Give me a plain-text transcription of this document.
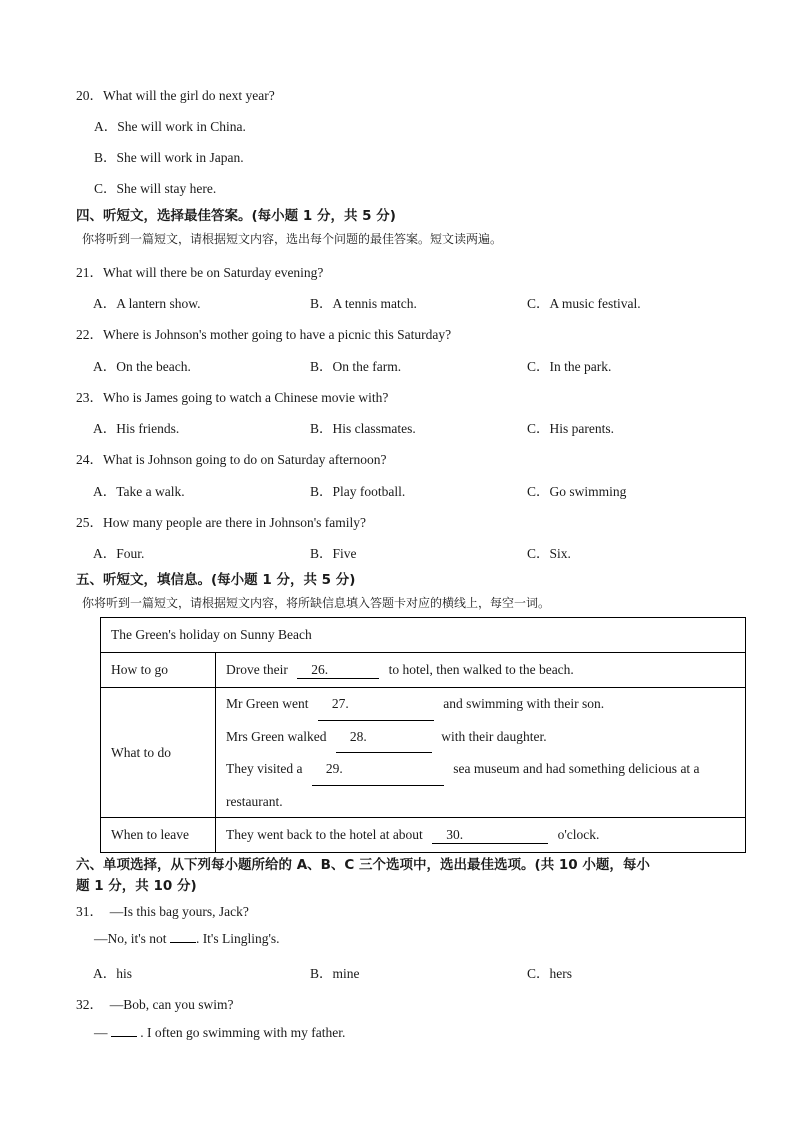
20．What will the girl do next year?
A．She will work in China.
B．She will work in Japan.
C．She will stay here.
四、听短文，选择最佳答案。(每小题 1 分，共 5 分)
你将听到一篇短文，请根据短文内容，选出每个问题的最佳答案。短文读两遍。
21．What will there be on Saturday evening?
A．A lantern show.	B．A tennis match.	C．A music festival.
22．Where is Johnson's mother going to have a picnic this Saturday?
A．On the beach.	B．On the farm.	C．In the park.
23．Who is James going to watch a Chinese movie with?
A．His friends.	B．His classmates.	C．His parents.
24．What is Johnson going to do on Saturday afternoon?
A．Take a walk.	B．Play football.	C．Go swimming
25．How many people are there in Johnson's family?
A．Four.	B．Five	C．Six.
五、听短文，填信息。(每小题 1 分，共 5 分)
你将听到一篇短文，请根据短文内容，将所缺信息填入答题卡对应的横线上，每空一词。
The Green's holiday on Sunny Beach	
How to go	Drove their 26. to hotel, then walked to the beach.
What to do	Mr Green went 27. and swimming with their son.
Mrs Green walked 28. with their daughter.
They visited a 29. sea museum and had something delicious at a
restaurant.

When to leave	They went back to the hotel at about 30. o'clock.
六、单项选择，从下列每小题所给的 A、B、C 三个选项中，选出最佳选项。(共 10 小题，每小
题 1 分，共 10 分)
31．　—Is this bag yours, Jack?
—No, it's not . It's Lingling's.
A．his	B．mine	C．hers
32．　—Bob, can you swim?
— . I often go swimming with my father.
